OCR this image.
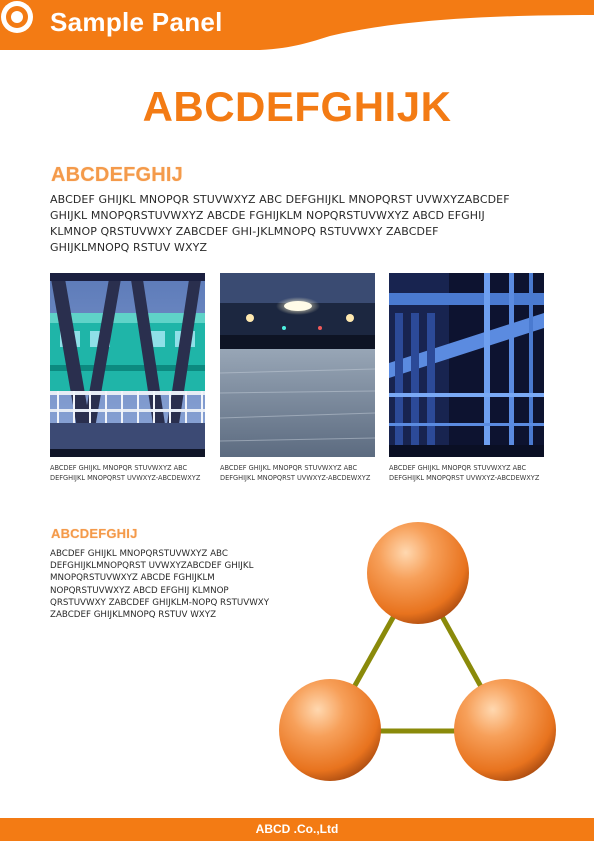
Sample Panel
ABCDEFGHIJK
ABCDEFGHIJ
ABCDEF GHIJKL MNOPQR STUVWXYZ ABC DEFGHIJKL MNOPQRST UVWXYZABCDEF GHIJKL MNOPQRSTUVWXYZ ABCDE FGHIJKLM NOPQRSTUVWXYZ ABCD EFGHIJ KLMNOP QRSTUVWXY ZABCDEF GHI-JKLMNOPQ RSTUVWXY ZABCDEF GHIJKLMNOPQ RSTUV WXYZ
ABCDEF GHIJKL MNOPQR STUVWXYZ ABC DEFGHIJKL MNOPQRST UVWXYZ-ABCDEWXYZ
ABCDEF GHIJKL MNOPQR STUVWXYZ ABC DEFGHIJKL MNOPQRST UVWXYZ-ABCDEWXYZ
ABCDEF GHIJKL MNOPQR STUVWXYZ ABC DEFGHIJKL MNOPQRST UVWXYZ-ABCDEWXYZ
ABCDEFGHIJ
ABCDEF GHIJKL MNOPQRSTUVWXYZ ABC DEFGHIJKLMNOPQRST UVWXYZABCDEF GHIJKL MNOPQRSTUVWXYZ ABCDE FGHIJKLM NOPQRSTUVWXYZ ABCD EFGHIJ KLMNOP QRSTUVWXY ZABCDEF GHIJKLM-NOPQ RSTUVWXY ZABCDEF GHIJKLMNOPQ RSTUV WXYZ
ABCD .Co.,Ltd
